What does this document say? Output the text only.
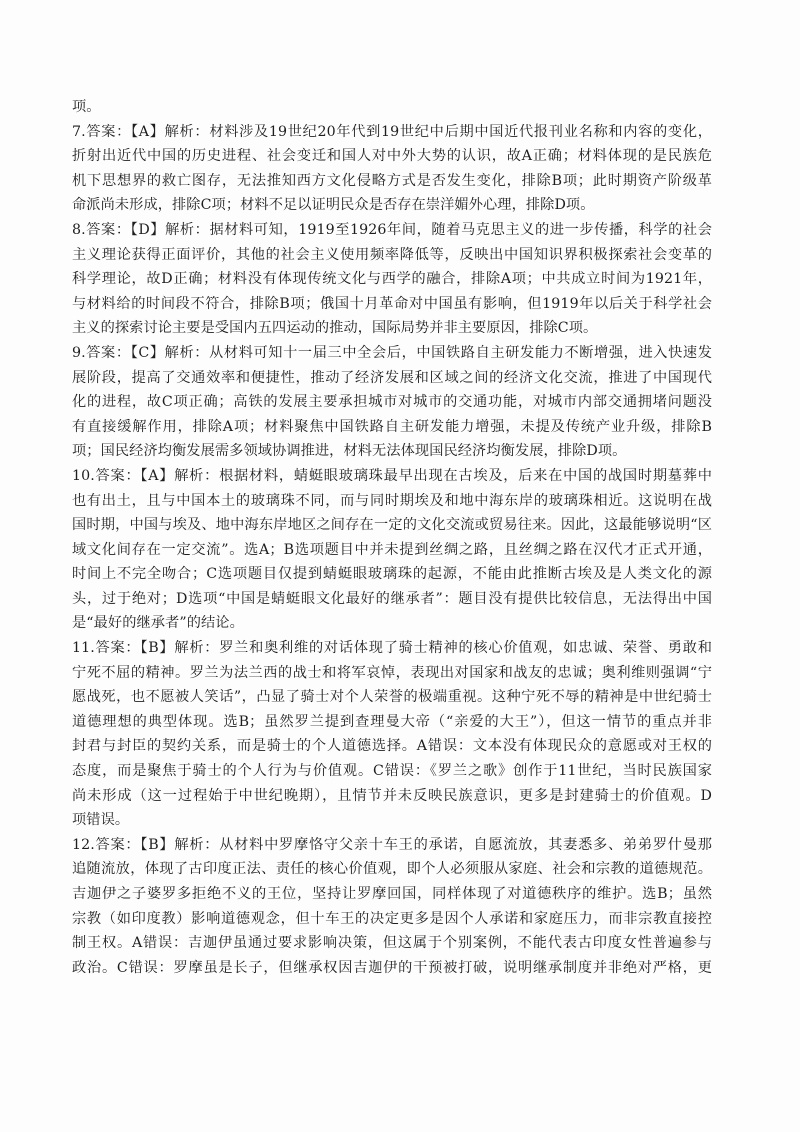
项。
7.答案：【A】解析：材料涉及19世纪20年代到19世纪中后期中国近代报刊业名称和内容的变化，
折射出近代中国的历史进程、社会变迁和国人对中外大势的认识，故A正确；材料体现的是民族危
机下思想界的救亡图存，无法推知西方文化侵略方式是否发生变化，排除B项；此时期资产阶级革
命派尚未形成，排除C项；材料不足以证明民众是否存在崇洋媚外心理，排除D项。
8.答案：【D】解析：据材料可知，1919至1926年间，随着马克思主义的进一步传播，科学的社会
主义理论获得正面评价，其他的社会主义使用频率降低等，反映出中国知识界积极探索社会变革的
科学理论，故D正确；材料没有体现传统文化与西学的融合，排除A项；中共成立时间为1921年，
与材料给的时间段不符合，排除B项；俄国十月革命对中国虽有影响，但1919年以后关于科学社会
主义的探索讨论主要是受国内五四运动的推动，国际局势并非主要原因，排除C项。
9.答案：【C】解析：从材料可知十一届三中全会后，中国铁路自主研发能力不断增强，进入快速发
展阶段，提高了交通效率和便捷性，推动了经济发展和区域之间的经济文化交流，推进了中国现代
化的进程，故C项正确；高铁的发展主要承担城市对城市的交通功能，对城市内部交通拥堵问题没
有直接缓解作用，排除A项；材料聚焦中国铁路自主研发能力增强，未提及传统产业升级，排除B
项；国民经济均衡发展需多领域协调推进，材料无法体现国民经济均衡发展，排除D项。
10.答案：【A】解析：根据材料，蜻蜓眼玻璃珠最早出现在古埃及，后来在中国的战国时期墓葬中
也有出土，且与中国本土的玻璃珠不同，而与同时期埃及和地中海东岸的玻璃珠相近。这说明在战
国时期，中国与埃及、地中海东岸地区之间存在一定的文化交流或贸易往来。因此，这最能够说明“区
域文化间存在一定交流”。选A；B选项题目中并未提到丝绸之路，且丝绸之路在汉代才正式开通，
时间上不完全吻合；C选项题目仅提到蜻蜓眼玻璃珠的起源，不能由此推断古埃及是人类文化的源
头，过于绝对；D选项“中国是蜻蜓眼文化最好的继承者”：题目没有提供比较信息，无法得出中国
是“最好的继承者”的结论。
11.答案：【B】解析：罗兰和奥利维的对话体现了骑士精神的核心价值观，如忠诚、荣誉、勇敢和
宁死不屈的精神。罗兰为法兰西的战士和将军哀悼，表现出对国家和战友的忠诚；奥利维则强调“宁
愿战死，也不愿被人笑话”，凸显了骑士对个人荣誉的极端重视。这种宁死不辱的精神是中世纪骑士
道德理想的典型体现。选B；虽然罗兰提到查理曼大帝（“亲爱的大王”），但这一情节的重点并非
封君与封臣的契约关系，而是骑士的个人道德选择。A错误：文本没有体现民众的意愿或对王权的
态度，而是聚焦于骑士的个人行为与价值观。C错误：《罗兰之歌》创作于11世纪，当时民族国家
尚未形成（这一过程始于中世纪晚期），且情节并未反映民族意识，更多是封建骑士的价值观。D
项错误。
12.答案：【B】解析：从材料中罗摩恪守父亲十车王的承诺，自愿流放，其妻悉多、弟弟罗什曼那
追随流放，体现了古印度正法、责任的核心价值观，即个人必须服从家庭、社会和宗教的道德规范。
吉迦伊之子婆罗多拒绝不义的王位，坚持让罗摩回国，同样体现了对道德秩序的维护。选B；虽然
宗教（如印度教）影响道德观念，但十车王的决定更多是因个人承诺和家庭压力，而非宗教直接控
制王权。A错误：吉迦伊虽通过要求影响决策，但这属于个别案例，不能代表古印度女性普遍参与
政治。C错误：罗摩虽是长子，但继承权因吉迦伊的干预被打破，说明继承制度并非绝对严格，更
